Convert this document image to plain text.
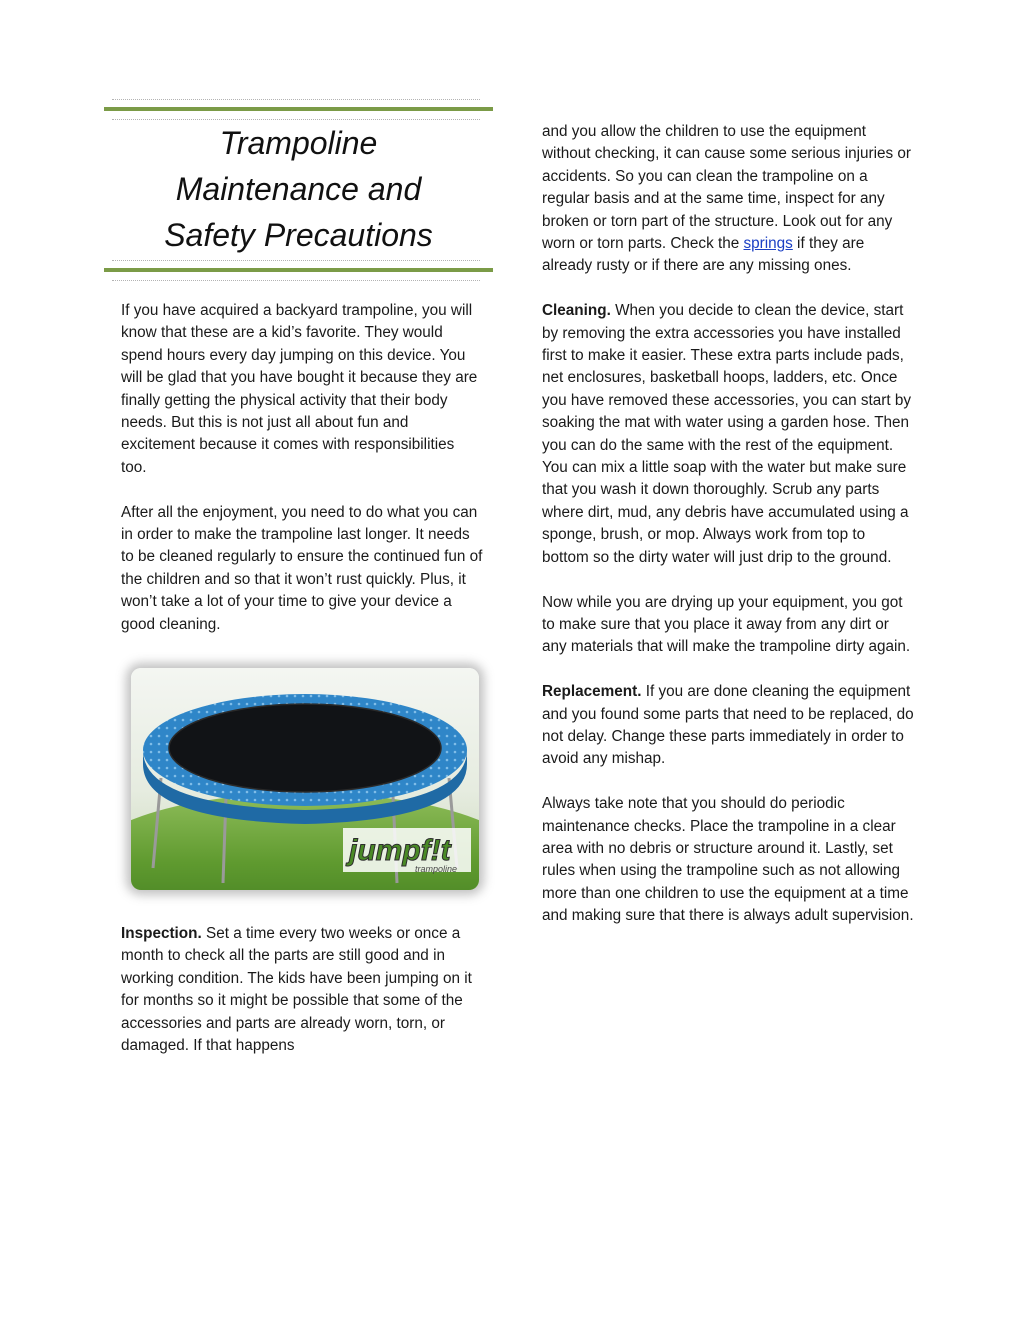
Trampoline
Maintenance and
Safety Precautions

If you have acquired a backyard trampoline, you will know that these are a kid’s favorite. They would spend hours every day jumping on this device. You will be glad that you have bought it because they are finally getting the physical activity that their body needs. But this is not just all about fun and excitement because it comes with responsibilities too.

After all the enjoyment, you need to do what you can in order to make the trampoline last longer. It needs to be cleaned regularly to ensure the continued fun of the children and so that it won’t rust quickly. Plus, it won’t take a lot of your time to give your device a good cleaning.

jumpf!t
trampoline

Inspection. Set a time every two weeks or once a month to check all the parts are still good and in working condition. The kids have been jumping on it for months so it might be possible that some of the accessories and parts are already worn, torn, or damaged. If that happens

and you allow the children to use the equipment without checking, it can cause some serious injuries or accidents. So you can clean the trampoline on a regular basis and at the same time, inspect for any broken or torn part of the structure. Look out for any worn or torn parts. Check the springs if they are already rusty or if there are any missing ones.

Cleaning. When you decide to clean the device, start by removing the extra accessories you have installed first to make it easier. These extra parts include pads, net enclosures, basketball hoops, ladders, etc. Once you have removed these accessories, you can start by soaking the mat with water using a garden hose. Then you can do the same with the rest of the equipment. You can mix a little soap with the water but make sure that you wash it down thoroughly. Scrub any parts where dirt, mud, any debris have accumulated using a sponge, brush, or mop. Always work from top to bottom so the dirty water will just drip to the ground.

Now while you are drying up your equipment, you got to make sure that you place it away from any dirt or any materials that will make the trampoline dirty again.

Replacement. If you are done cleaning the equipment and you found some parts that need to be replaced, do not delay. Change these parts immediately in order to avoid any mishap.

Always take note that you should do periodic maintenance checks. Place the trampoline in a clear area with no debris or structure around it. Lastly, set rules when using the trampoline such as not allowing more than one children to use the equipment at a time and making sure that there is always adult supervision.
